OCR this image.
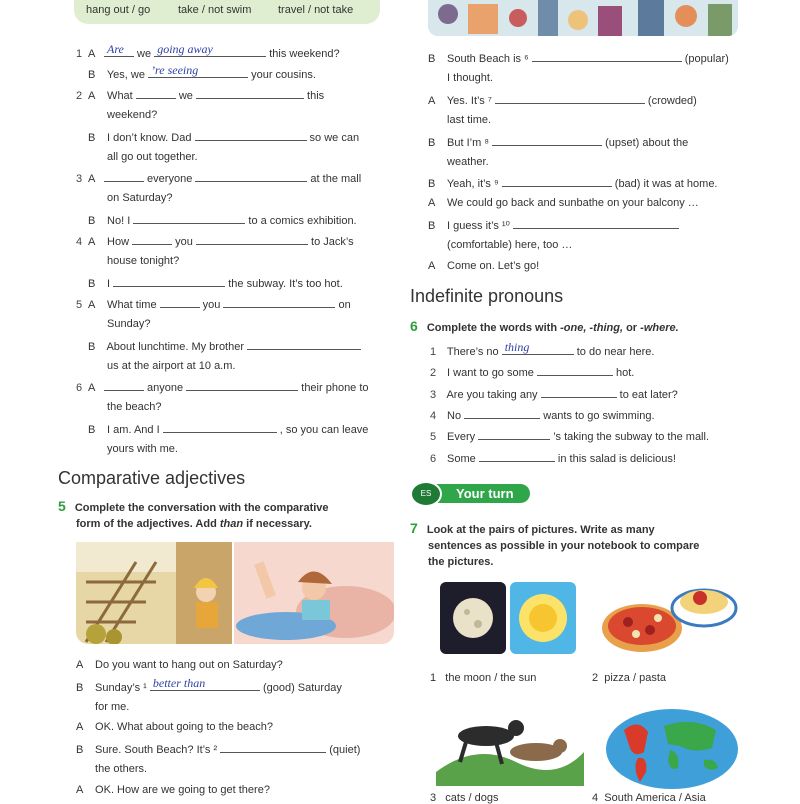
hang out / go	take / not swim travel / not take
1 A Are we going away	this weekend?
B Yes, we ’re seeing	your cousins.
2 A What	we	this
weekend?
B I don’t know. Dad	so we can
all go out together.
3 A	everyone	at the mall
on Saturday?
B No! I	to a comics exhibition.
4 A How	you	to Jack’s
house tonight?
B I	the subway. It’s too hot.
5 A What time	you	on
Sunday?
B About lunchtime. My brother
us at the airport at 10 a.m.
6 A	anyone	their phone to
the beach?
B I am. And I	, so you can leave
yours with me.
Comparative adjectives
5 Complete the conversation with the comparative
form of the adjectives. Add than if necessary.
A Do you want to hang out on Saturday?
B Sunday’s ¹ better than	(good) Saturday
for me.
A OK. What about going to the beach?
B Sure. South Beach? It’s ²	(quiet)
the others.
A OK. How are we going to get there?
B South Beach is ⁶	(popular)
I thought.
A Yes. It’s ⁷	(crowded)
last time.
B But I’m ⁸	(upset) about the
weather.
B Yeah, it’s ⁹	(bad) it was at home.
A We could go back and sunbathe on your balcony …
B I guess it’s ¹⁰
(comfortable) here, too …
A Come on. Let’s go!
Indefinite pronouns
6 Complete the words with -one, -thing, or -where.
1 There’s no thing	to do near here.
2 I want to go some	hot.
3 Are you taking any	to eat later?
4 No	wants to go swimming.
5 Every	’s taking the subway to the mall.
6 Some	in this salad is delicious!
Your turn
ES
7 Look at the pairs of pictures. Write as many
sentences as possible in your notebook to compare
the pictures.
1 the moon / the sun	2 pizza / pasta
3 cats / dogs	4 South America / Asia
